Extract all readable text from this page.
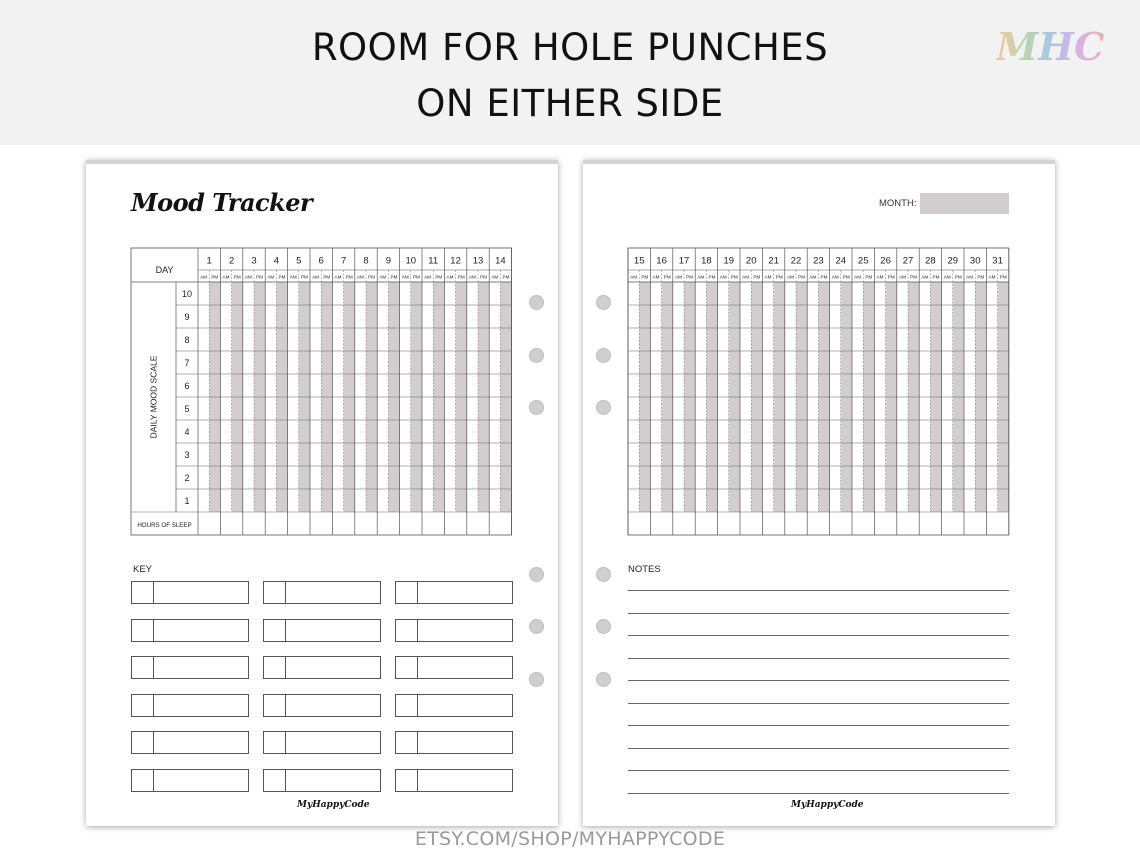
ROOM FOR HOLE PUNCHES
ON EITHER SIDE
MHC
Mood Tracker
1
AM PM
2
AM PM
3
AM PM
4
AM PM
5
AM PM
6
AM PM
7
AM PM
8
AM PM
9
AM PM
10
AM PM
11
AM PM
12
AM PM
13
AM PM
14
AM PM
DAY
DAILY MOOD SCALE
10
9
8
7
6
5
4
3
2
1
HOURS OF SLEEP
KEY
MyHappyCode
MONTH:
15
AM PM
16
AM PM
17
AM PM
18
AM PM
19
AM PM
20
AM PM
21
AM PM
22
AM PM
23
AM PM
24
AM PM
25
AM PM
26
AM PM
27
AM PM
28
AM PM
29
AM PM
30
AM PM
31
AM PM
NOTES
MyHappyCode
ETSY.COM/SHOP/MYHAPPYCODE
